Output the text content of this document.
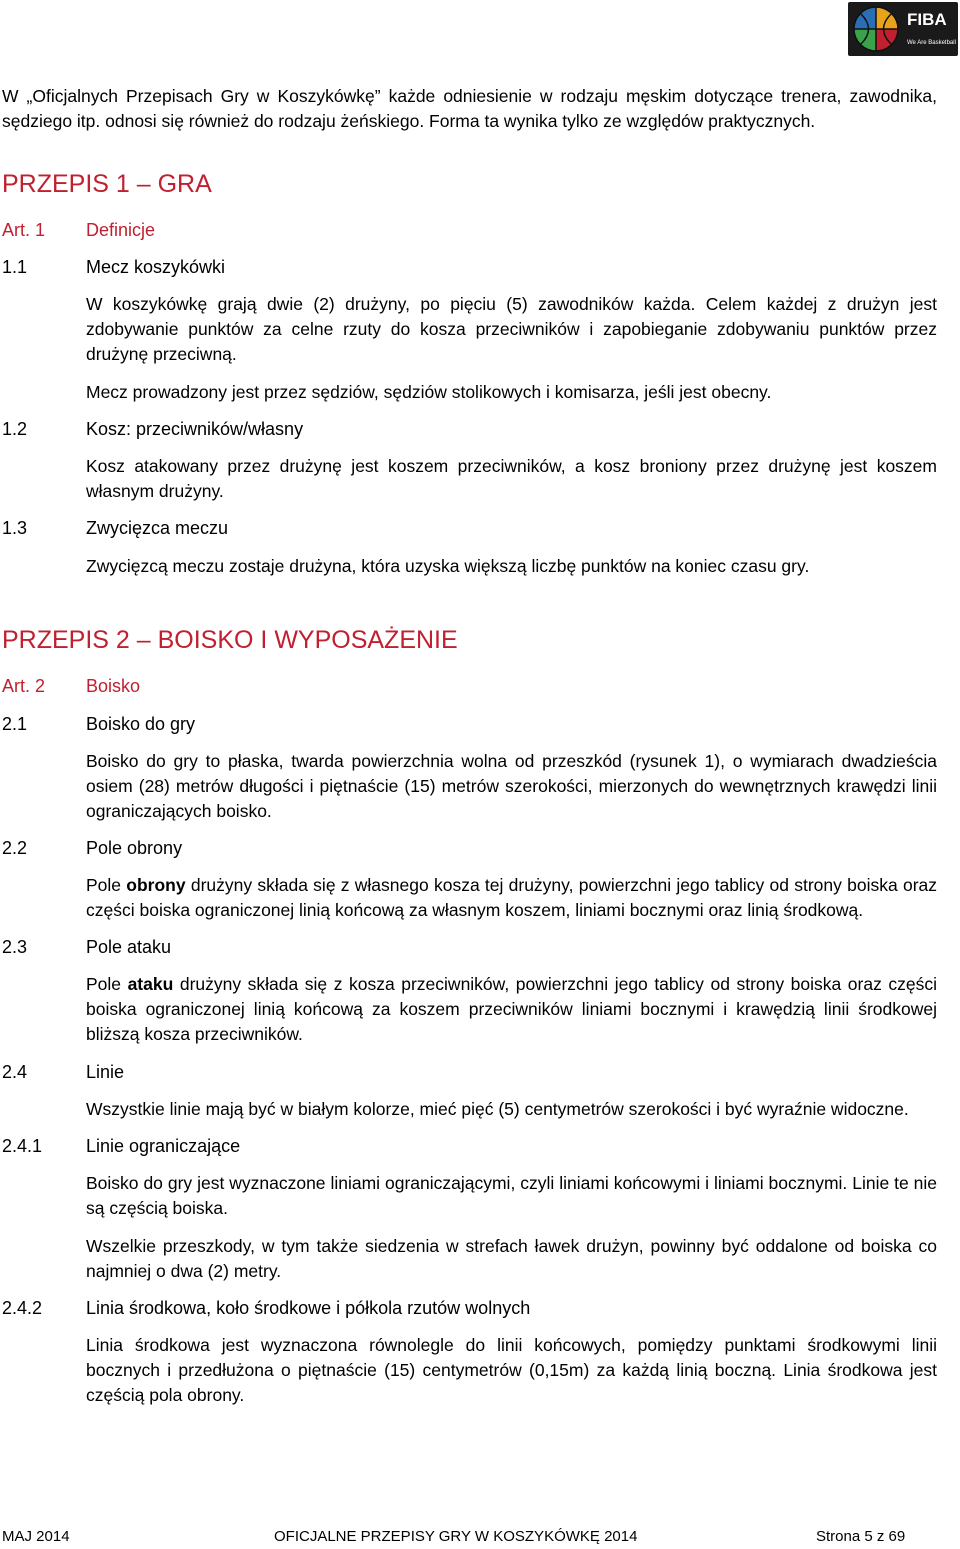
FIBA
We Are Basketball
W „Oficjalnych Przepisach Gry w Koszykówkę” każde odniesienie w rodzaju męskim dotyczące trenera, zawodnika, sędziego itp. odnosi się również do rodzaju żeńskiego. Forma ta wynika tylko ze względów praktycznych.
PRZEPIS 1 – GRA
Art. 1 Definicje
1.1	Mecz koszykówki
W koszykówkę grają dwie (2) drużyny, po pięciu (5) zawodników każda. Celem każdej z drużyn jest zdobywanie punktów za celne rzuty do kosza przeciwników i zapobieganie zdobywaniu punktów przez drużynę przeciwną.
Mecz prowadzony jest przez sędziów, sędziów stolikowych i komisarza, jeśli jest obecny.
1.2	Kosz: przeciwników/własny
Kosz atakowany przez drużynę jest koszem przeciwników, a kosz broniony przez drużynę jest koszem własnym drużyny.
1.3	Zwycięzca meczu
Zwycięzcą meczu zostaje drużyna, która uzyska większą liczbę punktów na koniec czasu gry.
PRZEPIS 2 – BOISKO I WYPOSAŻENIE
Art. 2 Boisko
2.1	Boisko do gry
Boisko do gry to płaska, twarda powierzchnia wolna od przeszkód (rysunek 1), o wymiarach dwadzieścia osiem (28) metrów długości i piętnaście (15) metrów szerokości, mierzonych do wewnętrznych krawędzi linii ograniczających boisko.
2.2	Pole obrony
Pole obrony drużyny składa się z własnego kosza tej drużyny, powierzchni jego tablicy od strony boiska oraz części boiska ograniczonej linią końcową za własnym koszem, liniami bocznymi oraz linią środkową.
2.3	Pole ataku
Pole ataku drużyny składa się z kosza przeciwników, powierzchni jego tablicy od strony boiska oraz części boiska ograniczonej linią końcową za koszem przeciwników liniami bocznymi i krawędzią linii środkowej bliższą kosza przeciwników.
2.4	Linie
Wszystkie linie mają być w białym kolorze, mieć pięć (5) centymetrów szerokości i być wyraźnie widoczne.
2.4.1 Linie ograniczające
Boisko do gry jest wyznaczone liniami ograniczającymi, czyli liniami końcowymi i liniami bocznymi. Linie te nie są częścią boiska.
Wszelkie przeszkody, w tym także siedzenia w strefach ławek drużyn, powinny być oddalone od boiska co najmniej o dwa (2) metry.
2.4.2 Linia środkowa, koło środkowe i półkola rzutów wolnych
Linia środkowa jest wyznaczona równolegle do linii końcowych, pomiędzy punktami środkowymi linii bocznych i przedłużona o piętnaście (15) centymetrów (0,15m) za każdą linią boczną. Linia środkowa jest częścią pola obrony.
MAJ 2014	OFICJALNE PRZEPISY GRY W KOSZYKÓWKĘ 2014	Strona 5 z 69
